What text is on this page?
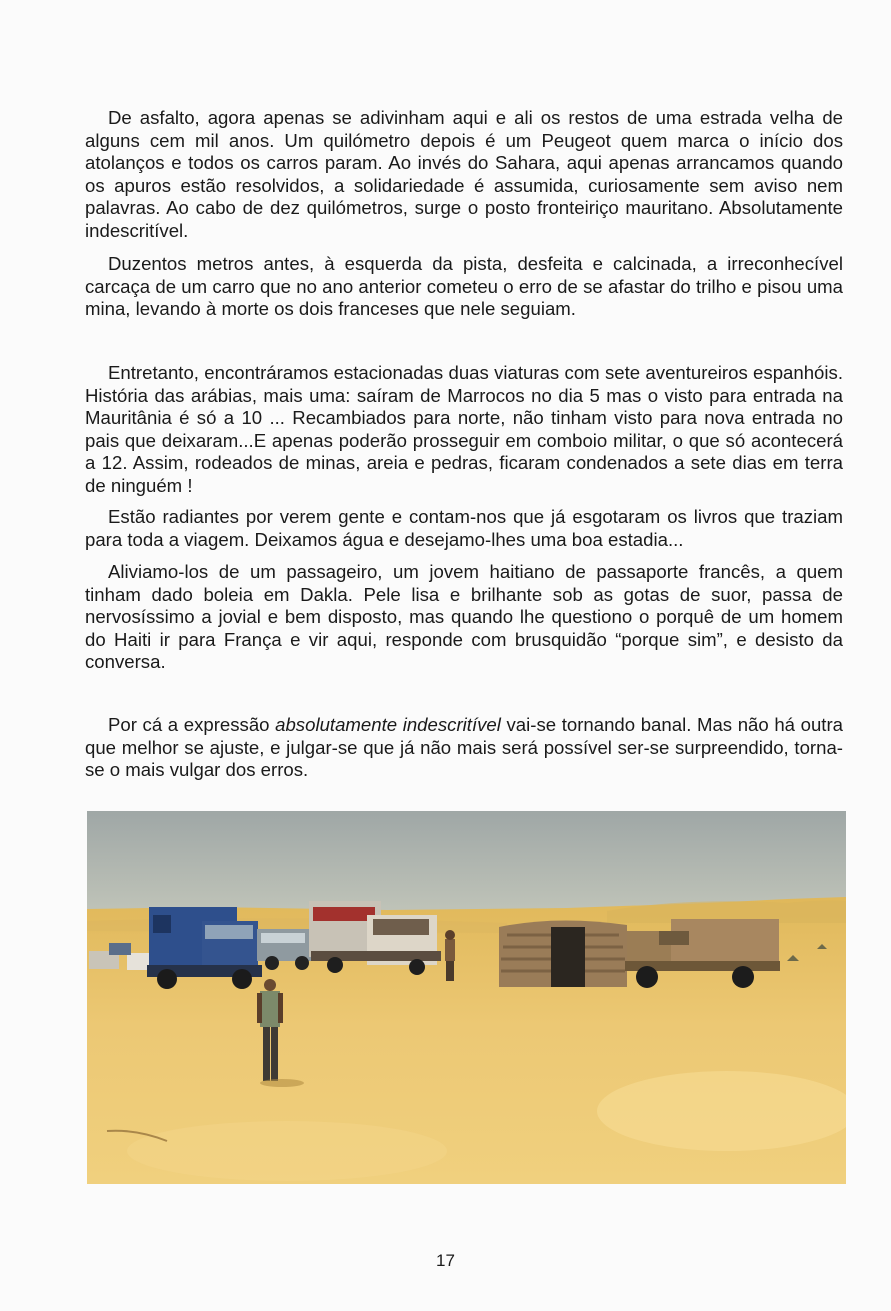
De asfalto, agora apenas se adivinham aqui e ali os restos de uma estrada velha de alguns cem mil anos. Um quilómetro depois é um Peugeot quem marca o início dos atolanços e todos os carros param. Ao invés do Sahara, aqui apenas arrancamos quando os apuros estão resolvidos, a solidariedade é assumida, curiosamente sem aviso nem palavras. Ao cabo de dez quilómetros, surge o posto fronteiriço mauritano. Absolutamente indescritível.

Duzentos metros antes, à esquerda da pista, desfeita e calcinada, a irreconhecível carcaça de um carro que no ano anterior cometeu o erro de se afastar do trilho e pisou uma mina, levando à morte os dois franceses que nele seguiam.

Entretanto, encontráramos estacionadas duas viaturas com sete aventureiros espanhóis. História das arábias, mais uma: saíram de Marrocos no dia 5 mas o visto para entrada na Mauritânia é só a 10 ... Recambiados para norte, não tinham visto para nova entrada no pais que deixaram...E apenas poderão prosseguir em comboio militar, o que só acontecerá a 12. Assim, rodeados de minas, areia e pedras, ficaram condenados a sete dias em terra de ninguém !

Estão radiantes por verem gente e contam-nos que já esgotaram os livros que traziam para toda a viagem. Deixamos água e desejamo-lhes uma boa estadia...

Aliviamo-los de um passageiro, um jovem haitiano de passaporte francês, a quem tinham dado boleia em Dakla. Pele lisa e brilhante sob as gotas de suor, passa de nervosíssimo a jovial e bem disposto, mas quando lhe questiono o porquê de um homem do Haiti ir para França e vir aqui, responde com brusquidão “porque sim”, e desisto da conversa.

Por cá a expressão absolutamente indescritível vai-se tornando banal. Mas não há outra que melhor se ajuste, e julgar-se que já não mais será possível ser-se surpreendido, torna-se o mais vulgar dos erros.

17
